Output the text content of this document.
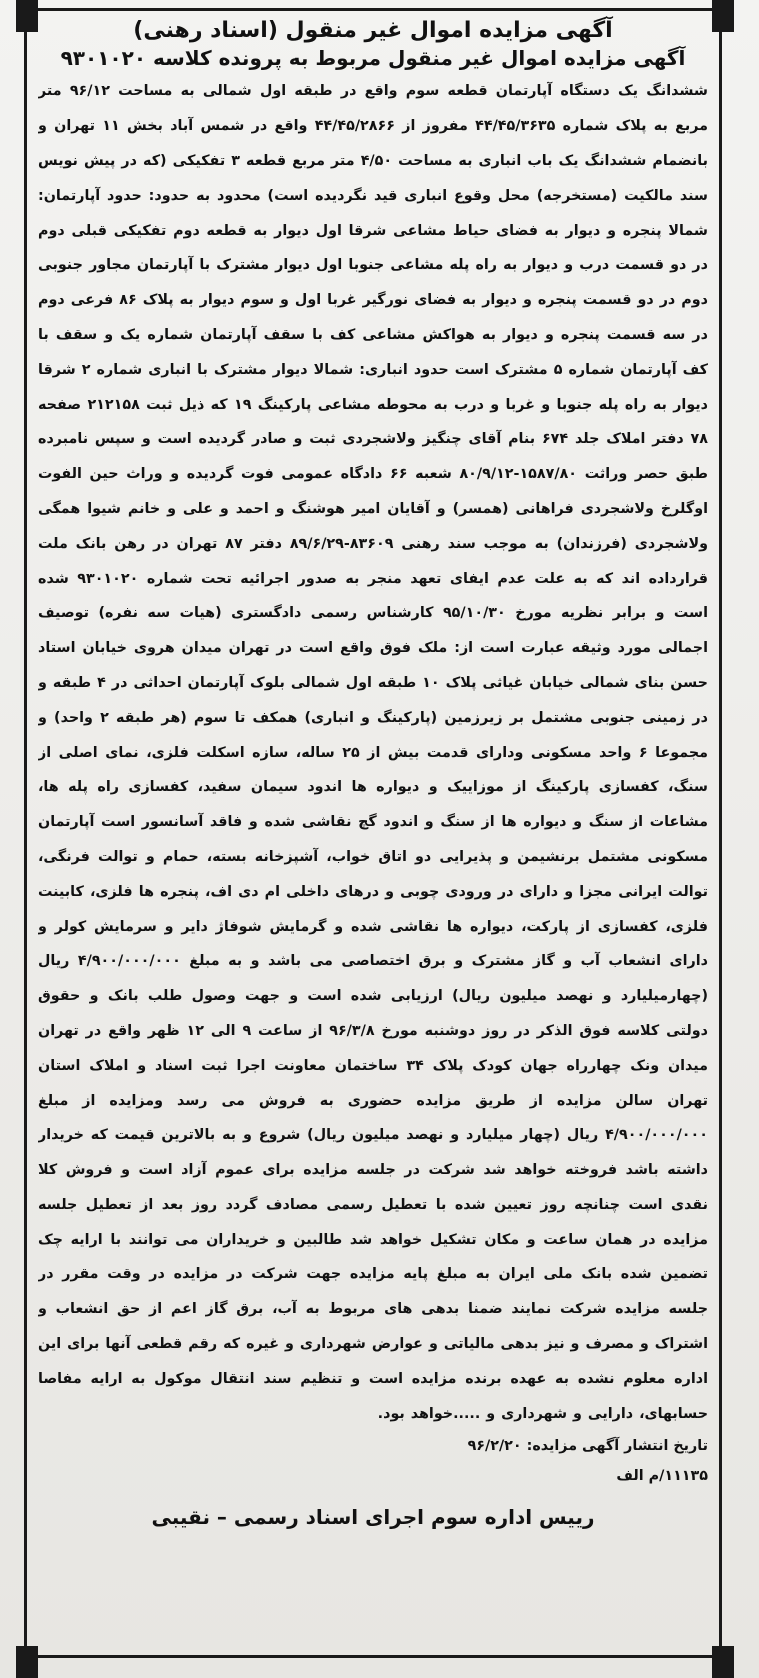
آگهی مزایده اموال غیر منقول (اسناد رهنی)

آگهی مزایده اموال غیر منقول مربوط به پرونده کلاسه ۹۳۰۱۰۲۰

ششدانگ یک دستگاه آپارتمان قطعه سوم واقع در طبقه اول شمالی به مساحت ۹۶/۱۲ متر مربع به پلاک شماره ۴۴/۴۵/۳۶۳۵ مفروز از ۴۴/۴۵/۲۸۶۶ واقع در شمس آباد بخش ۱۱ تهران و بانضمام ششدانگ یک باب انباری به مساحت ۴/۵۰ متر مربع قطعه ۳ تفکیکی (که در پیش نویس سند مالکیت (مستخرجه) محل وقوع انباری قید نگردیده است) محدود به حدود: حدود آپارتمان: شمالا پنجره و دیوار به فضای حیاط مشاعی شرقا اول دیوار به قطعه دوم تفکیکی قبلی دوم در دو قسمت درب و دیوار به راه پله مشاعی جنوبا اول دیوار مشترک با آپارتمان مجاور جنوبی دوم در دو قسمت پنجره و دیوار به فضای نورگیر غربا اول و سوم دیوار به پلاک ۸۶ فرعی دوم در سه قسمت پنجره و دیوار به هواکش مشاعی کف با سقف آپارتمان شماره یک و سقف با کف آپارتمان شماره ۵ مشترک است حدود انباری: شمالا دیوار مشترک با انباری شماره ۲ شرقا دیوار به راه پله جنوبا و غربا و درب به محوطه مشاعی پارکینگ ۱۹ که ذیل ثبت ۲۱۲۱۵۸ صفحه ۷۸ دفتر املاک جلد ۶۷۴ بنام آقای چنگیز ولاشجردی ثبت و صادر گردیده است و سپس نامبرده طبق حصر وراثت ۱۵۸۷/۸۰-۸۰/۹/۱۲ شعبه ۶۶ دادگاه عمومی فوت گردیده و وراث حین الفوت اوگلرخ ولاشجردی فراهانی (همسر) و آقایان امیر هوشنگ و احمد و علی و خانم شیوا همگی ولاشجردی (فرزندان) به موجب سند رهنی ۸۳۶۰۹-۸۹/۶/۲۹ دفتر ۸۷ تهران در رهن بانک ملت قرارداده اند که به علت عدم ایفای تعهد منجر به صدور اجرائیه تحت شماره ۹۳۰۱۰۲۰ شده است و برابر نظریه مورخ ۹۵/۱۰/۳۰ کارشناس رسمی دادگستری (هیات سه نفره) توصیف اجمالی مورد وثیقه عبارت است از: ملک فوق واقع است در تهران میدان هروی خیابان استاد حسن بنای شمالی خیابان غیاثی پلاک ۱۰ طبقه اول شمالی بلوک آپارتمان احداثی در ۴ طبقه و در زمینی جنوبی مشتمل بر زیرزمین (پارکینگ و انباری) همکف تا سوم (هر طبقه ۲ واحد) و مجموعا ۶ واحد مسکونی ودارای قدمت بیش از ۲۵ ساله، سازه اسکلت فلزی، نمای اصلی از سنگ، کفسازی پارکینگ از موزاییک و دیواره ها اندود سیمان سفید، کفسازی راه پله ها، مشاعات از سنگ و دیواره ها از سنگ و اندود گچ نقاشی شده و فاقد آسانسور است آپارتمان مسکونی مشتمل برنشیمن و پذیرایی دو اتاق خواب، آشپزخانه بسته، حمام و توالت فرنگی، توالت ایرانی مجزا و دارای در ورودی چوبی و درهای داخلی ام دی اف، پنجره ها فلزی، کابینت فلزی، کفسازی از پارکت، دیواره ها نقاشی شده و گرمایش شوفاژ دایر و سرمایش کولر و دارای انشعاب آب و گاز مشترک و برق اختصاصی می باشد و به مبلغ ۴/۹۰۰/۰۰۰/۰۰۰ ریال (چهارمیلیارد و نهصد میلیون ریال) ارزیابی شده است و جهت وصول طلب بانک و حقوق دولتی کلاسه فوق الذکر در روز دوشنبه مورخ ۹۶/۳/۸ از ساعت ۹ الی ۱۲ ظهر واقع در تهران میدان ونک چهارراه جهان کودک پلاک ۳۴ ساختمان معاونت اجرا ثبت اسناد و املاک استان تهران سالن مزایده از طریق مزایده حضوری به فروش می رسد ومزایده از مبلغ ۴/۹۰۰/۰۰۰/۰۰۰ ریال (چهار میلیارد و نهصد میلیون ریال) شروع و به بالاترین قیمت که خریدار داشته باشد فروخته خواهد شد شرکت در جلسه مزایده برای عموم آزاد است و فروش کلا نقدی است چنانچه روز تعیین شده با تعطیل رسمی مصادف گردد روز بعد از تعطیل جلسه مزایده در همان ساعت و مکان تشکیل خواهد شد طالبین و خریداران می توانند با ارایه چک تضمین شده بانک ملی ایران به مبلغ پایه مزایده جهت شرکت در مزایده در وقت مقرر در جلسه مزایده شرکت نمایند ضمنا بدهی های مربوط به آب، برق گاز اعم از حق انشعاب و اشتراک و مصرف و نیز بدهی مالیاتی و عوارض شهرداری و غیره که رقم قطعی آنها برای این اداره معلوم نشده به عهده برنده مزایده است و تنظیم سند انتقال موکول به ارایه مفاصا حسابهای، دارایی و شهرداری و .....خواهد بود.

تاریخ انتشار آگهی مزایده: ۹۶/۲/۲۰

۱۱۱۳۵/م الف

رییس اداره سوم اجرای اسناد رسمی – نقیبی
